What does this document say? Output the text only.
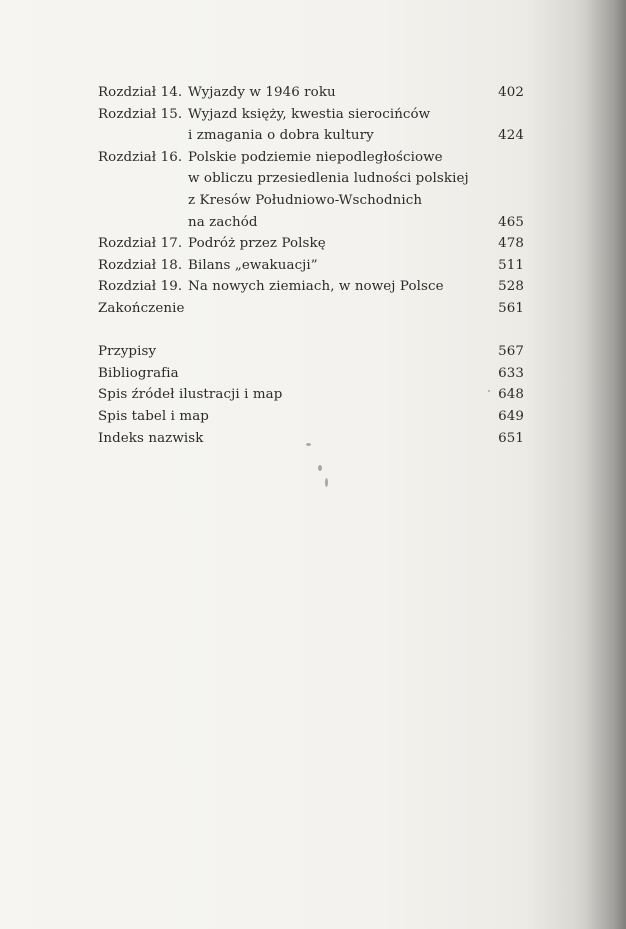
Rozdział 14. Wyjazdy w 1946 roku	402
Rozdział 15. Wyjazd księży, kwestia sierocińców
i zmagania o dobra kultury	424
Rozdział 16. Polskie podziemie niepodległościowe
w obliczu przesiedlenia ludności polskiej
z Kresów Południowo-Wschodnich
na zachód	465
Rozdział 17. Podróż przez Polskę	478
Rozdział 18. Bilans „ewakuacji”	511
Rozdział 19. Na nowych ziemiach, w nowej Polsce	528
Zakończenie	561
Przypisy	567
Bibliografia	633
Spis źródeł ilustracji i map	648
Spis tabel i map	649
Indeks nazwisk	651
